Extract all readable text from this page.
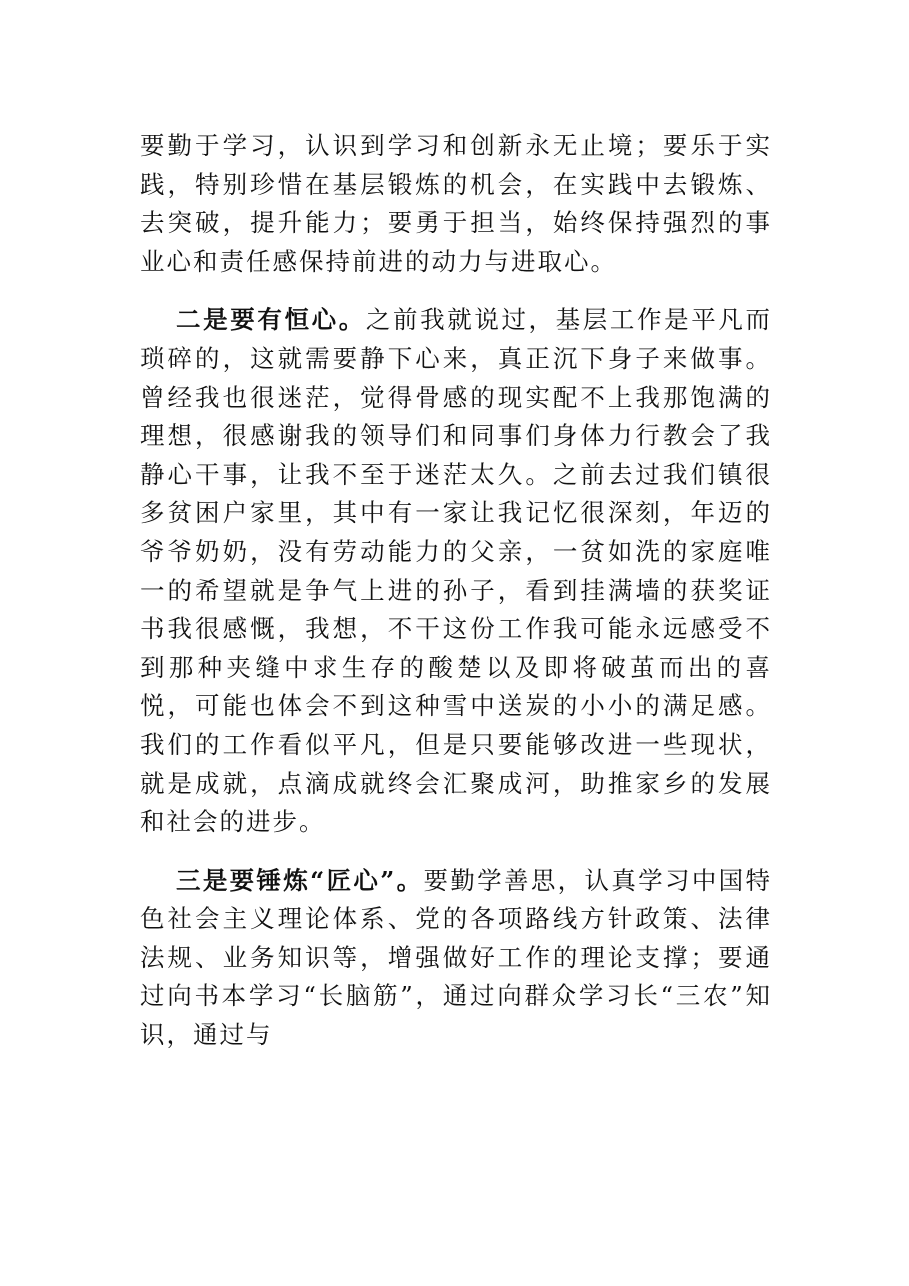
要勤于学习，认识到学习和创新永无止境；要乐于实践，特别珍惜在基层锻炼的机会，在实践中去锻炼、去突破，提升能力；要勇于担当，始终保持强烈的事业心和责任感保持前进的动力与进取心。

二是要有恒心。之前我就说过，基层工作是平凡而琐碎的，这就需要静下心来，真正沉下身子来做事。曾经我也很迷茫，觉得骨感的现实配不上我那饱满的理想，很感谢我的领导们和同事们身体力行教会了我静心干事，让我不至于迷茫太久。之前去过我们镇很多贫困户家里，其中有一家让我记忆很深刻，年迈的爷爷奶奶，没有劳动能力的父亲，一贫如洗的家庭唯一的希望就是争气上进的孙子，看到挂满墙的获奖证书我很感慨，我想，不干这份工作我可能永远感受不到那种夹缝中求生存的酸楚以及即将破茧而出的喜悦，可能也体会不到这种雪中送炭的小小的满足感。我们的工作看似平凡，但是只要能够改进一些现状，就是成就，点滴成就终会汇聚成河，助推家乡的发展和社会的进步。

三是要锤炼“匠心”。要勤学善思，认真学习中国特色社会主义理论体系、党的各项路线方针政策、法律法规、业务知识等，增强做好工作的理论支撑；要通过向书本学习“长脑筋”，通过向群众学习长“三农”知识，通过与
